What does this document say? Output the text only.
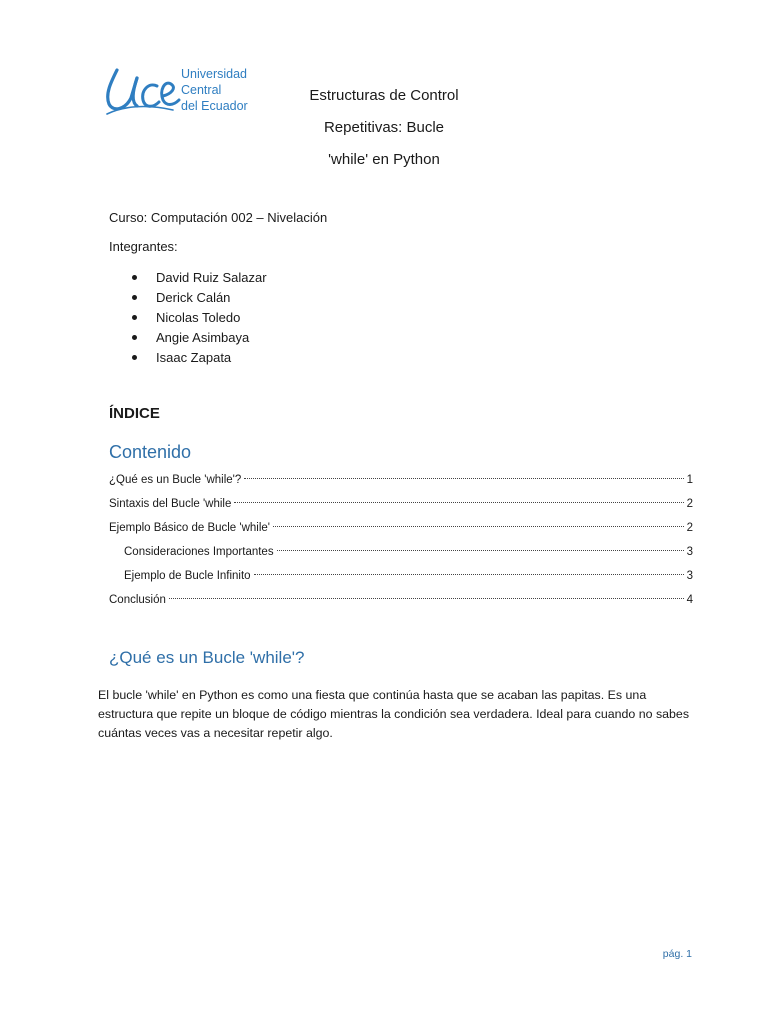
Universidad
Central
del Ecuador
Estructuras de Control
Repetitivas: Bucle
'while' en Python
Curso: Computación 002 – Nivelación
Integrantes:
David Ruiz Salazar
Derick Calán
Nicolas Toledo
Angie Asimbaya
Isaac Zapata
ÍNDICE
Contenido
¿Qué es un Bucle 'while'?	1
Sintaxis del Bucle 'while	2
Ejemplo Básico de Bucle 'while'	2
Consideraciones Importantes	3
Ejemplo de Bucle Infinito	3
Conclusión	4
¿Qué es un Bucle 'while'?
El bucle 'while' en Python es como una fiesta que continúa hasta que se acaban las papitas. Es una estructura que repite un bloque de código mientras la condición sea verdadera. Ideal para cuando no sabes cuántas veces vas a necesitar repetir algo.
pág. 1
